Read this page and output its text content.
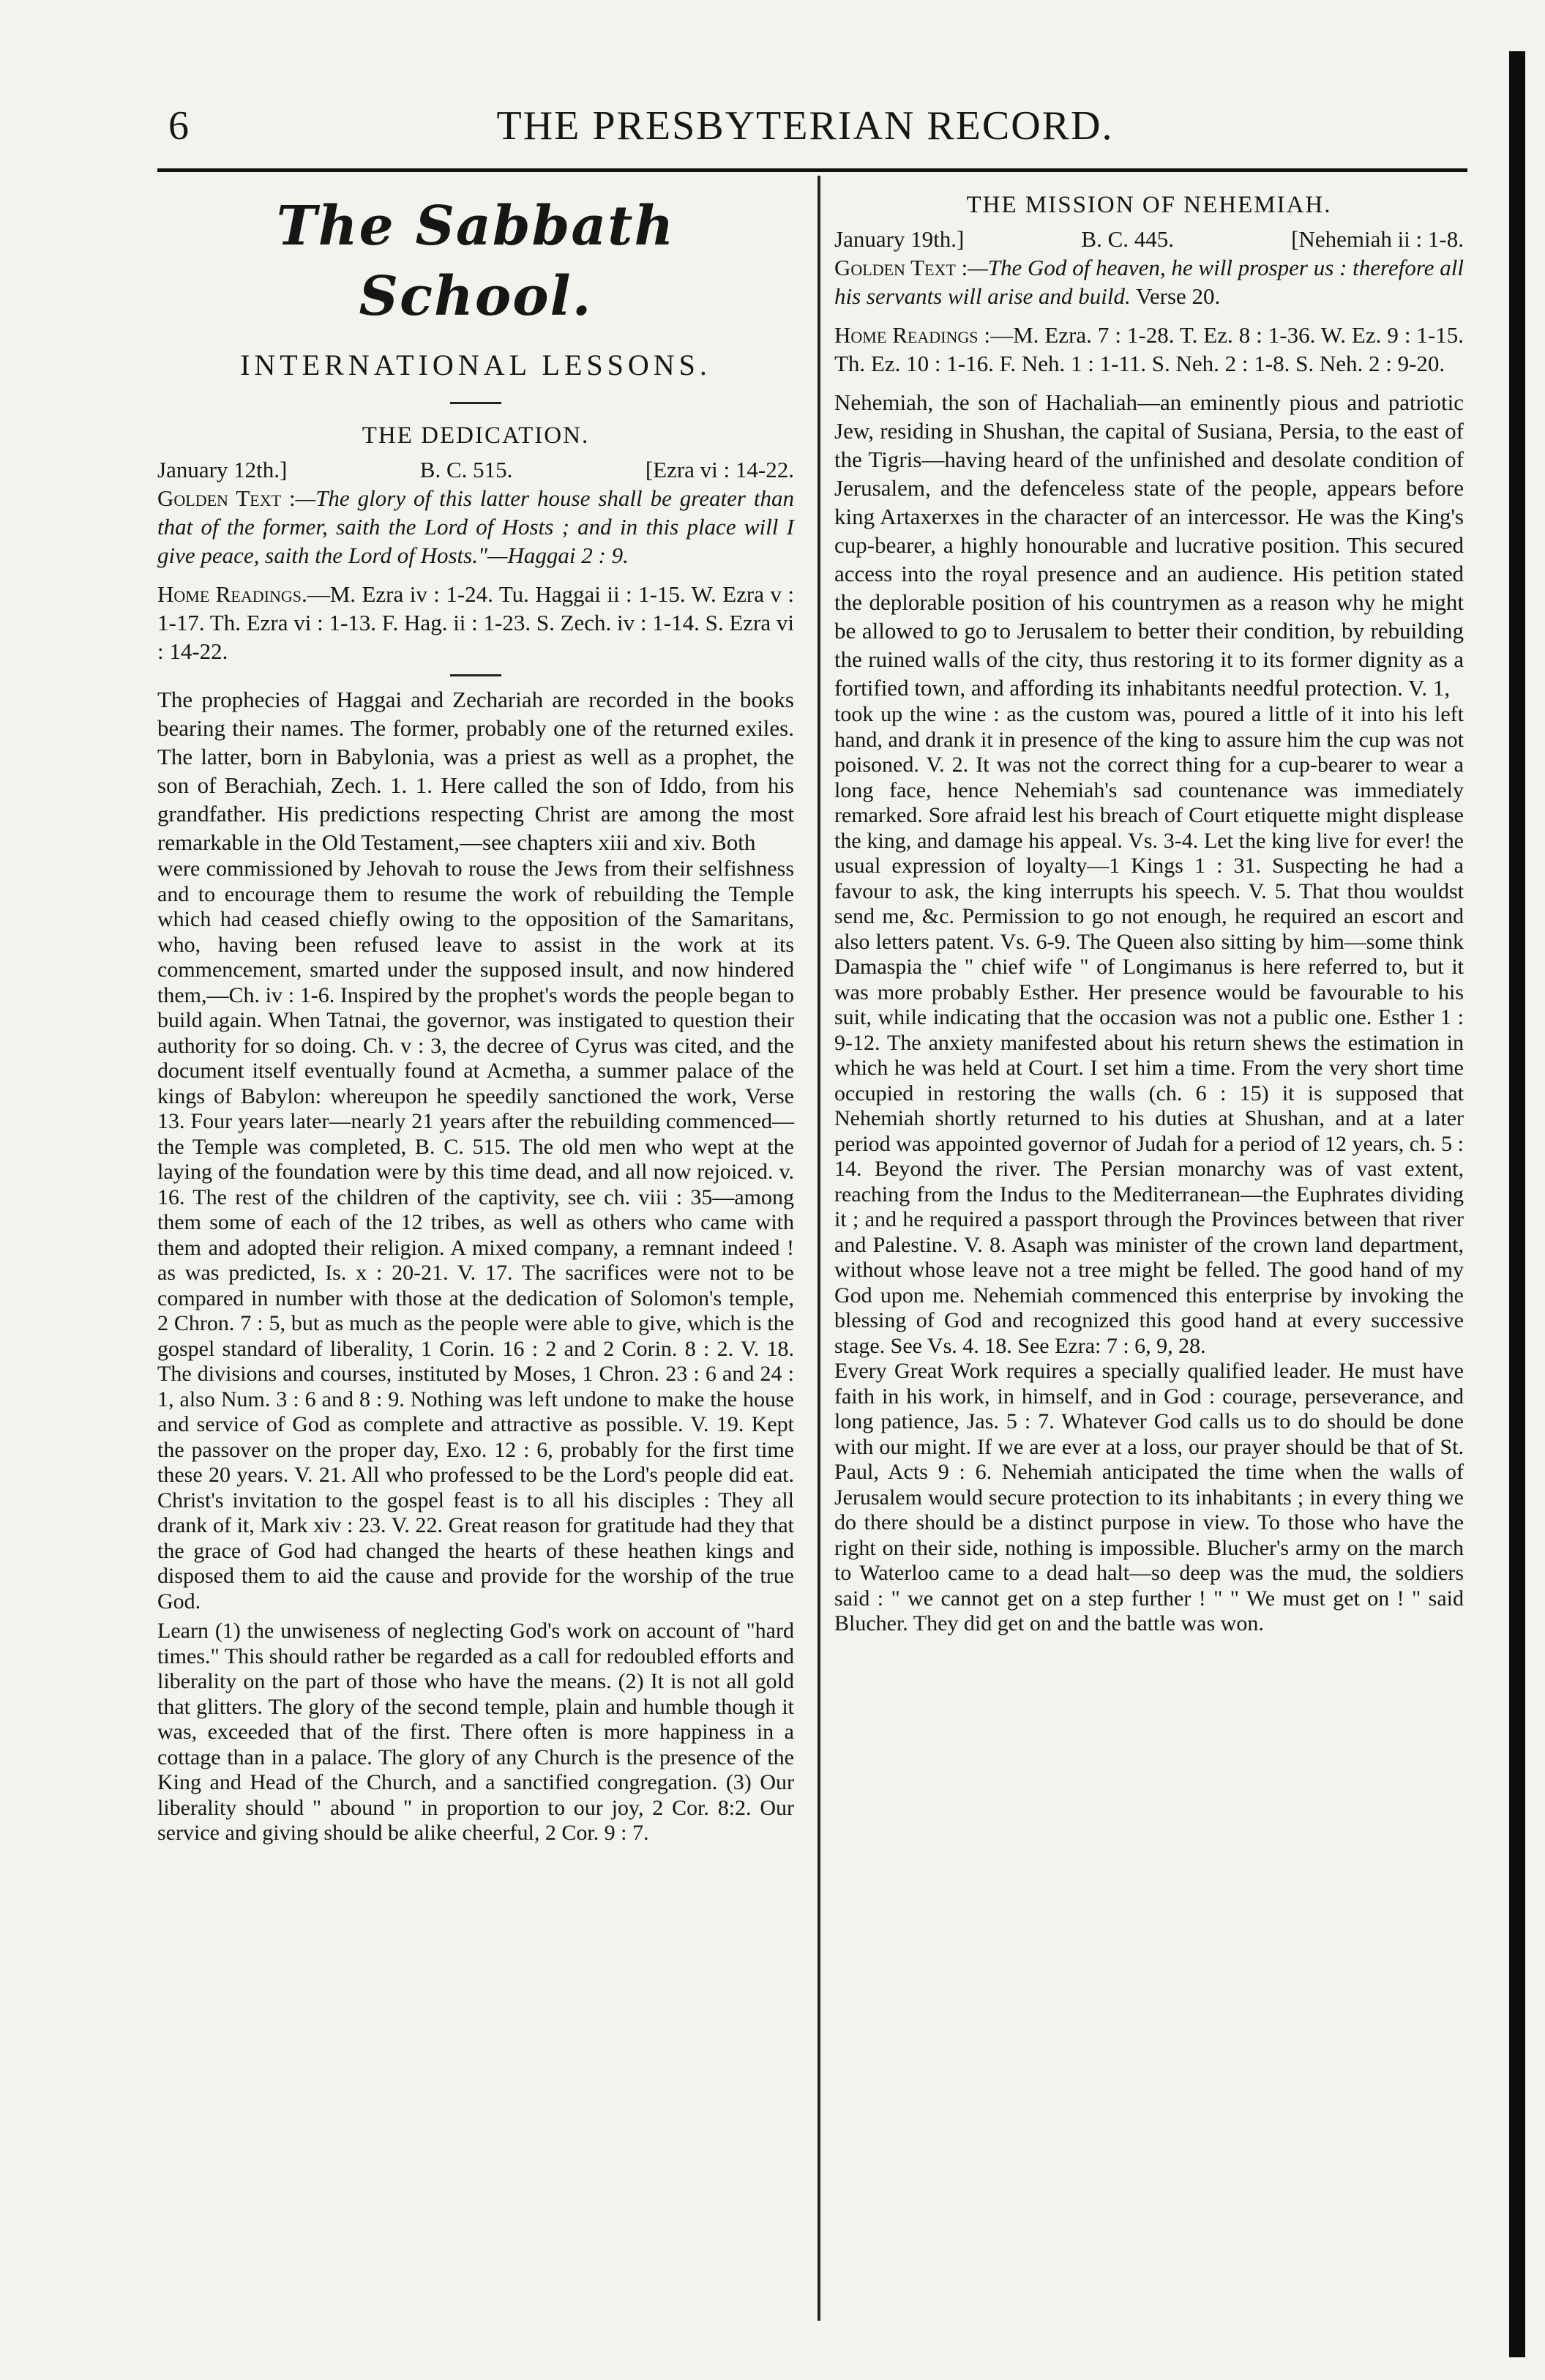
6	THE PRESBYTERIAN RECORD.
The Sabbath School.
INTERNATIONAL LESSONS.
THE DEDICATION.
January 12th.]	B. C. 515.	[Ezra vi : 14-22.

Golden Text :—The glory of this latter house shall be greater than that of the former, saith the Lord of Hosts ; and in this place will I give peace, saith the Lord of Hosts."—Haggai 2 : 9.

Home Readings.—M. Ezra iv : 1-24. Tu. Haggai ii : 1-15. W. Ezra v : 1-17. Th. Ezra vi : 1-13. F. Hag. ii : 1-23. S. Zech. iv : 1-14. S. Ezra vi : 14-22.

The prophecies of Haggai and Zechariah are recorded in the books bearing their names. The former, probably one of the returned exiles. The latter, born in Babylonia, was a priest as well as a prophet, the son of Berachiah, Zech. 1. 1. Here called the son of Iddo, from his grandfather. His predictions respecting Christ are among the most remarkable in the Old Testament,—see chapters xiii and xiv. Both

were commissioned by Jehovah to rouse the Jews from their selfishness and to encourage them to resume the work of rebuilding the Temple which had ceased chiefly owing to the opposition of the Samaritans, who, having been refused leave to assist in the work at its commencement, smarted under the supposed insult, and now hindered them,—Ch. iv : 1-6. Inspired by the prophet's words the people began to build again. When Tatnai, the governor, was instigated to question their authority for so doing. Ch. v : 3, the decree of Cyrus was cited, and the document itself eventually found at Acmetha, a summer palace of the kings of Babylon: whereupon he speedily sanctioned the work, Verse 13. Four years later—nearly 21 years after the rebuilding commenced—the Temple was completed, B. C. 515. The old men who wept at the laying of the foundation were by this time dead, and all now rejoiced. v. 16. The rest of the children of the captivity, see ch. viii : 35—among them some of each of the 12 tribes, as well as others who came with them and adopted their religion. A mixed company, a remnant indeed ! as was predicted, Is. x : 20-21. V. 17. The sacrifices were not to be compared in number with those at the dedication of Solomon's temple, 2 Chron. 7 : 5, but as much as the people were able to give, which is the gospel standard of liberality, 1 Corin. 16 : 2 and 2 Corin. 8 : 2. V. 18. The divisions and courses, instituted by Moses, 1 Chron. 23 : 6 and 24 : 1, also Num. 3 : 6 and 8 : 9. Nothing was left undone to make the house and service of God as complete and attractive as possible. V. 19. Kept the passover on the proper day, Exo. 12 : 6, probably for the first time these 20 years. V. 21. All who professed to be the Lord's people did eat. Christ's invitation to the gospel feast is to all his disciples : They all drank of it, Mark xiv : 23. V. 22. Great reason for gratitude had they that the grace of God had changed the hearts of these heathen kings and disposed them to aid the cause and provide for the worship of the true God.

Learn (1) the unwiseness of neglecting God's work on account of "hard times." This should rather be regarded as a call for redoubled efforts and liberality on the part of those who have the means. (2) It is not all gold that glitters. The glory of the second temple, plain and humble though it was, exceeded that of the first. There often is more happiness in a cottage than in a palace. The glory of any Church is the presence of the King and Head of the Church, and a sanctified congregation. (3) Our liberality should " abound " in proportion to our joy, 2 Cor. 8:2. Our service and giving should be alike cheerful, 2 Cor. 9 : 7.

THE MISSION OF NEHEMIAH.
January 19th.]	B. C. 445.	[Nehemiah ii : 1-8.

Golden Text :—The God of heaven, he will prosper us : therefore all his servants will arise and build. Verse 20.

Home Readings :—M. Ezra. 7 : 1-28. T. Ez. 8 : 1-36. W. Ez. 9 : 1-15. Th. Ez. 10 : 1-16. F. Neh. 1 : 1-11. S. Neh. 2 : 1-8. S. Neh. 2 : 9-20.

Nehemiah, the son of Hachaliah—an eminently pious and patriotic Jew, residing in Shushan, the capital of Susiana, Persia, to the east of the Tigris—having heard of the unfinished and desolate condition of Jerusalem, and the defenceless state of the people, appears before king Artaxerxes in the character of an intercessor. He was the King's cup-bearer, a highly honourable and lucrative position. This secured access into the royal presence and an audience. His petition stated the deplorable position of his countrymen as a reason why he might be allowed to go to Jerusalem to better their condition, by rebuilding the ruined walls of the city, thus restoring it to its former dignity as a fortified town, and affording its inhabitants needful protection. V. 1,

took up the wine : as the custom was, poured a little of it into his left hand, and drank it in presence of the king to assure him the cup was not poisoned. V. 2. It was not the correct thing for a cup-bearer to wear a long face, hence Nehemiah's sad countenance was immediately remarked. Sore afraid lest his breach of Court etiquette might displease the king, and damage his appeal. Vs. 3-4. Let the king live for ever! the usual expression of loyalty—1 Kings 1 : 31. Suspecting he had a favour to ask, the king interrupts his speech. V. 5. That thou wouldst send me, &c. Permission to go not enough, he required an escort and also letters patent. Vs. 6-9. The Queen also sitting by him—some think Damaspia the " chief wife " of Longimanus is here referred to, but it was more probably Esther. Her presence would be favourable to his suit, while indicating that the occasion was not a public one. Esther 1 : 9-12. The anxiety manifested about his return shews the estimation in which he was held at Court. I set him a time. From the very short time occupied in restoring the walls (ch. 6 : 15) it is supposed that Nehemiah shortly returned to his duties at Shushan, and at a later period was appointed governor of Judah for a period of 12 years, ch. 5 : 14. Beyond the river. The Persian monarchy was of vast extent, reaching from the Indus to the Mediterranean—the Euphrates dividing it ; and he required a passport through the Provinces between that river and Palestine. V. 8. Asaph was minister of the crown land department, without whose leave not a tree might be felled. The good hand of my God upon me. Nehemiah commenced this enterprise by invoking the blessing of God and recognized this good hand at every successive stage. See Vs. 4. 18. See Ezra: 7 : 6, 9, 28.

Every Great Work requires a specially qualified leader. He must have faith in his work, in himself, and in God : courage, perseverance, and long patience, Jas. 5 : 7. Whatever God calls us to do should be done with our might. If we are ever at a loss, our prayer should be that of St. Paul, Acts 9 : 6. Nehemiah anticipated the time when the walls of Jerusalem would secure protection to its inhabitants ; in every thing we do there should be a distinct purpose in view. To those who have the right on their side, nothing is impossible. Blucher's army on the march to Waterloo came to a dead halt—so deep was the mud, the soldiers said : " we cannot get on a step further ! " " We must get on ! " said Blucher. They did get on and the battle was won.
